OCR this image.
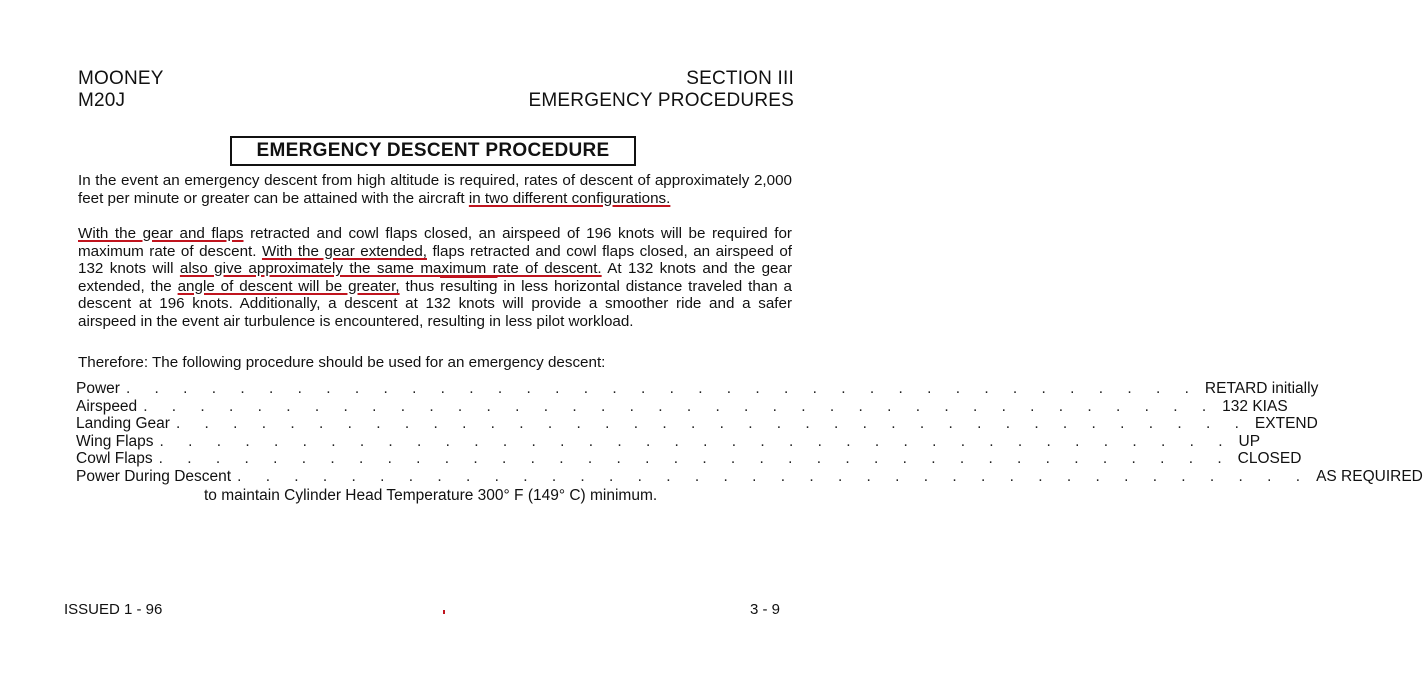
MOONEY
M20J
SECTION III
EMERGENCY PROCEDURES
EMERGENCY DESCENT PROCEDURE
In the event an emergency descent from high altitude is required, rates of descent of approximately 2,000 feet per minute or greater can be attained with the aircraft in two different configurations.
With the gear and flaps retracted and cowl flaps closed, an airspeed of 196 knots will be required for maximum rate of descent. With the gear extended, flaps retracted and cowl flaps closed, an airspeed of 132 knots will also give approximately the same maximum rate of descent. At 132 knots and the gear extended, the angle of descent will be greater, thus resulting in less horizontal distance traveled than a descent at 196 knots. Additionally, a descent at 132 knots will provide a smoother ride and a safer airspeed in the event air turbulence is encountered, resulting in less pilot workload.
Therefore: The following procedure should be used for an emergency descent:
Power . . . . . . . . . . . . . . . . . . . . . . . . . . . . . . . . . . . . . . RETARD initially
Airspeed . . . . . . . . . . . . . . . . . . . . . . . . . . . . . . . . . . . . . . 132 KIAS
Landing Gear . . . . . . . . . . . . . . . . . . . . . . . . . . . . . . . . . . . . . . EXTEND
Wing Flaps . . . . . . . . . . . . . . . . . . . . . . . . . . . . . . . . . . . . . . UP
Cowl Flaps . . . . . . . . . . . . . . . . . . . . . . . . . . . . . . . . . . . . . . CLOSED
Power During Descent . . . . . . . . . . . . . . . . . . . . . . . . . . . . . . . . . . . . . . AS REQUIRED
to maintain Cylinder Head Temperature 300° F (149° C) minimum.
ISSUED 1 - 96	3 - 9
